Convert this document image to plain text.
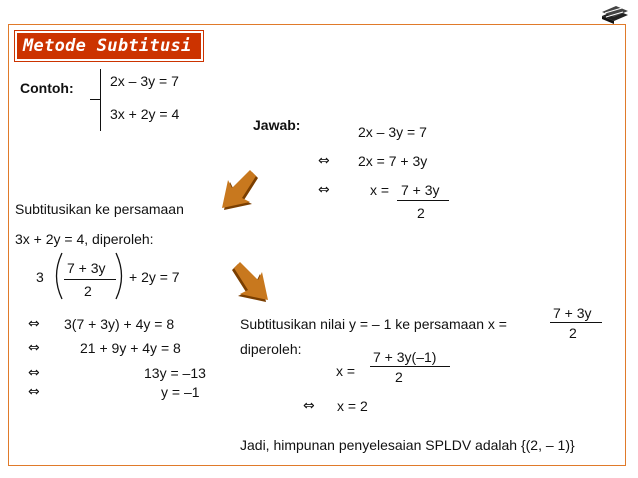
Metode Subtitusi
Contoh:	2x – 3y = 7
3x + 2y = 4
Jawab:	2x – 3y = 7
⇔ 2x = 7 + 3y
⇔	x = 7 + 3y
2
Subtitusikan ke persamaan
3x + 2y = 4, diperoleh:
3
7 + 3y
2
+ 2y = 7
⇔ 3(7 + 3y) + 4y = 8
⇔	21 + 9y + 4y = 8
⇔	13y = –13
⇔	y = –1
Subtitusikan nilai y = – 1 ke persamaan x =
7 + 3y
2
diperoleh:
x =
7 + 3y(–1)
2
⇔ x = 2
Jadi, himpunan penyelesaian SPLDV adalah {(2, – 1)}
